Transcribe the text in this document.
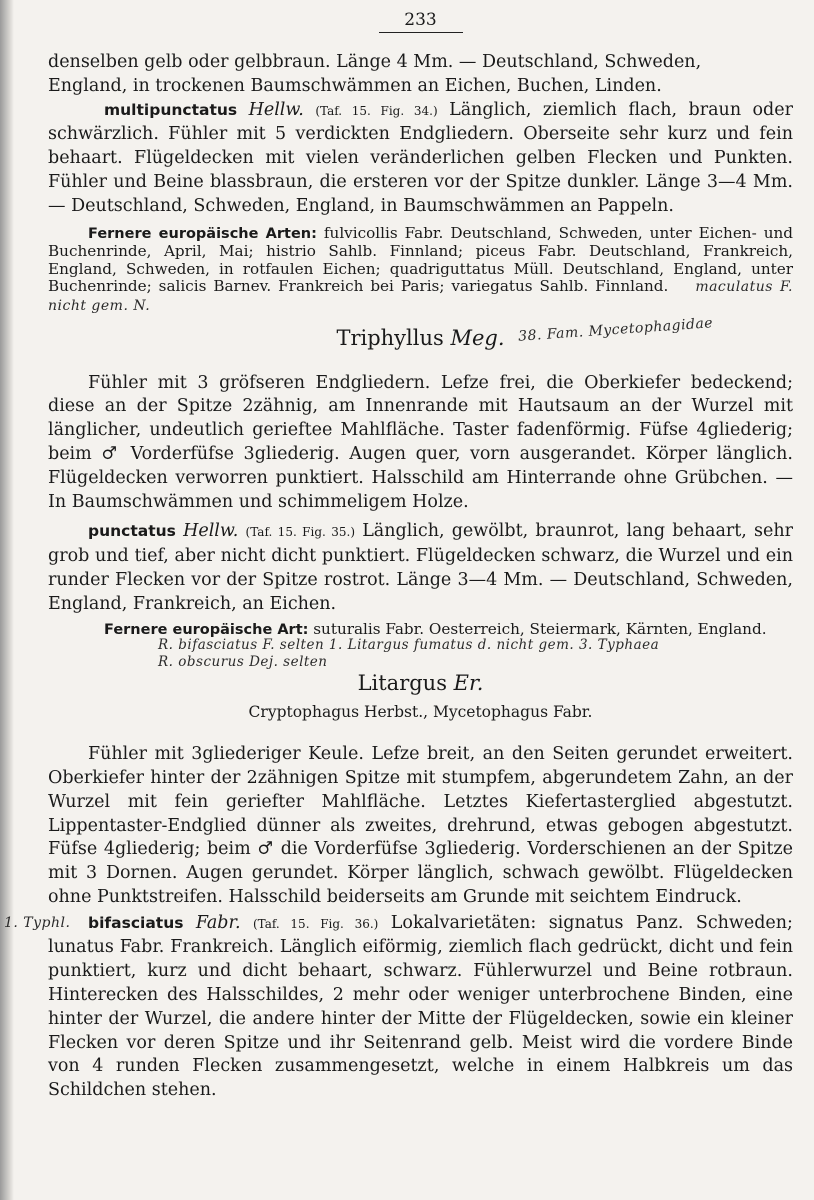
233

denselben gelb oder gelbbraun. Länge 4 Mm. — Deutschland, Schweden,
England, in trockenen Baumschwämmen an Eichen, Buchen, Linden.

multipunctatus Hellw. (Taf. 15. Fig. 34.) Länglich, ziemlich flach, braun oder schwärzlich. Fühler mit 5 verdickten Endgliedern. Oberseite sehr kurz und fein behaart. Flügeldecken mit vielen veränderlichen gelben Flecken und Punkten. Fühler und Beine blassbraun, die ersteren vor der Spitze dunkler. Länge 3—4 Mm. — Deutschland, Schweden, England, in Baumschwämmen an Pappeln.

Fernere europäische Arten: fulvicollis Fabr. Deutschland, Schweden, unter Eichen- und Buchenrinde, April, Mai; histrio Sahlb. Finnland; piceus Fabr. Deutschland, Frankreich, England, Schweden, in rotfaulen Eichen; quadriguttatus Müll. Deutschland, England, unter Buchenrinde; salicis Barnev. Frankreich bei Paris; variegatus Sahlb. Finnland. maculatus F. nicht gem. N.

Triphyllus Meg. 38. Fam. Mycetophagidae

Fühler mit 3 gröfseren Endgliedern. Lefze frei, die Oberkiefer bedeckend; diese an der Spitze 2zähnig, am Innenrande mit Hautsaum an der Wurzel mit länglicher, undeutlich gerieftee Mahlfläche. Taster fadenförmig. Füfse 4gliederig; beim ♂ Vorderfüfse 3gliederig. Augen quer, vorn ausgerandet. Körper länglich. Flügeldecken verworren punktiert. Halsschild am Hinterrande ohne Grübchen. — In Baumschwämmen und schimmeligem Holze.

punctatus Hellw. (Taf. 15. Fig. 35.) Länglich, gewölbt, braunrot, lang behaart, sehr grob und tief, aber nicht dicht punktiert. Flügeldecken schwarz, die Wurzel und ein runder Flecken vor der Spitze rostrot. Länge 3—4 Mm. — Deutschland, Schweden, England, Frankreich, an Eichen.

Fernere europäische Art: suturalis Fabr. Oesterreich, Steiermark, Kärnten, England.

R. bifasciatus F. selten 1. Litargus fumatus d. nicht gem. 3. Typhaea
R. obscurus Dej. selten
Litargus Er.
Cryptophagus Herbst., Mycetophagus Fabr.

Fühler mit 3gliederiger Keule. Lefze breit, an den Seiten gerundet erweitert. Oberkiefer hinter der 2zähnigen Spitze mit stumpfem, abgerundetem Zahn, an der Wurzel mit fein geriefter Mahlfläche. Letztes Kiefertasterglied abgestutzt. Lippentaster-Endglied dünner als zweites, drehrund, etwas gebogen abgestutzt. Füfse 4gliederig; beim ♂ die Vorderfüfse 3gliederig. Vorderschienen an der Spitze mit 3 Dornen. Augen gerundet. Körper länglich, schwach gewölbt. Flügeldecken ohne Punktstreifen. Halsschild beiderseits am Grunde mit seichtem Eindruck.

1. Typhl. bifasciatus Fabr. (Taf. 15. Fig. 36.) Lokalvarietäten: signatus Panz. Schweden; lunatus Fabr. Frankreich. Länglich eiförmig, ziemlich flach gedrückt, dicht und fein punktiert, kurz und dicht behaart, schwarz. Fühlerwurzel und Beine rotbraun. Hinterecken des Halsschildes, 2 mehr oder weniger unterbrochene Binden, eine hinter der Wurzel, die andere hinter der Mitte der Flügeldecken, sowie ein kleiner Flecken vor deren Spitze und ihr Seitenrand gelb. Meist wird die vordere Binde von 4 runden Flecken zusammengesetzt, welche in einem Halbkreis um das Schildchen stehen.
